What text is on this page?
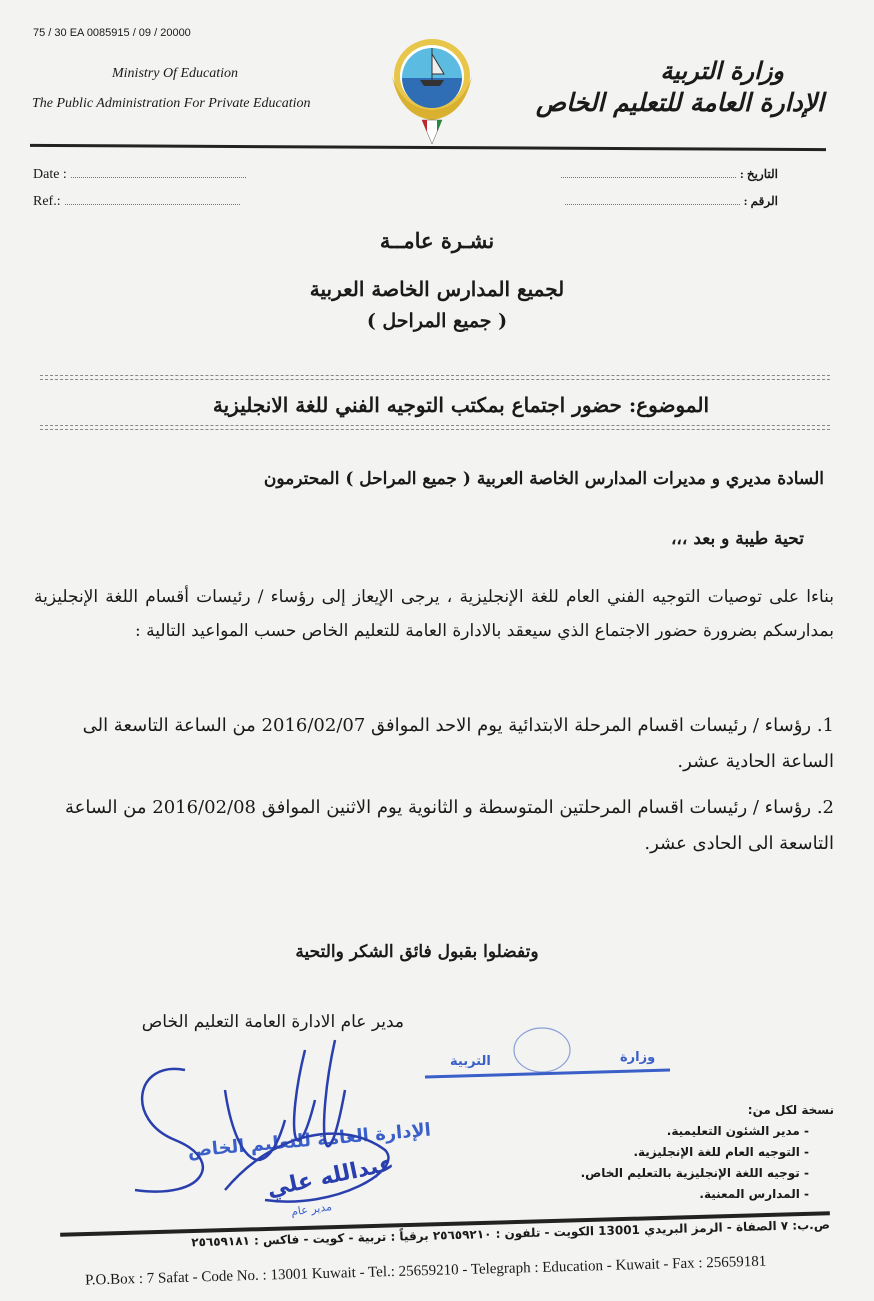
75 / 30 EA 0085915 / 09 / 20000
Ministry Of Education
The Public Administration For Private Education
وزارة التربية
الإدارة العامة للتعليم الخاص
Date :
Ref.:
التاريخ :
الرقم :
نشـرة عامــة
لجميع المدارس الخاصة العربية
( جميع المراحل )
الموضوع: حضور اجتماع بمكتب التوجيه الفني للغة الانجليزية
السادة مديري و مديرات المدارس الخاصة العربية ( جميع المراحل ) المحترمون
تحية طيبة و بعد ،،،
بناءا على توصيات التوجيه الفني العام للغة الإنجليزية ، يرجى الإيعاز إلى رؤساء / رئيسات أقسام اللغة الإنجليزية بمدارسكم بضرورة حضور الاجتماع الذي سيعقد بالادارة العامة للتعليم الخاص حسب المواعيد التالية :
1. رؤساء / رئيسات اقسام المرحلة الابتدائية يوم الاحد الموافق 2016/02/07 من الساعة التاسعة الى الساعة الحادية عشر.
2. رؤساء / رئيسات اقسام المرحلتين المتوسطة و الثانوية يوم الاثنين الموافق 2016/02/08 من الساعة التاسعة الى الحادى عشر.
وتفضلوا بقبول فائق الشكر والتحية
مدير عام الادارة العامة التعليم الخاص
التربية	وزارة
الإدارة العامة للتعليم الخاص
عبدالله علي
مدير عام
نسخة لكل من:
- مدير الشئون التعليمية.
- التوجيه العام للغة الإنجليزية.
- توجيه اللغة الإنجليزية بالتعليم الخاص.
- المدارس المعنية.
ص.ب: ٧ الصفاة - الرمز البريدي 13001 الكويت - تلفون : ٢٥٦٥٩٢١٠ برقياً : تربية - كويت - فاكس : ٢٥٦٥٩١٨١
P.O.Box : 7 Safat - Code No. : 13001 Kuwait - Tel.: 25659210 - Telegraph : Education - Kuwait - Fax : 25659181
